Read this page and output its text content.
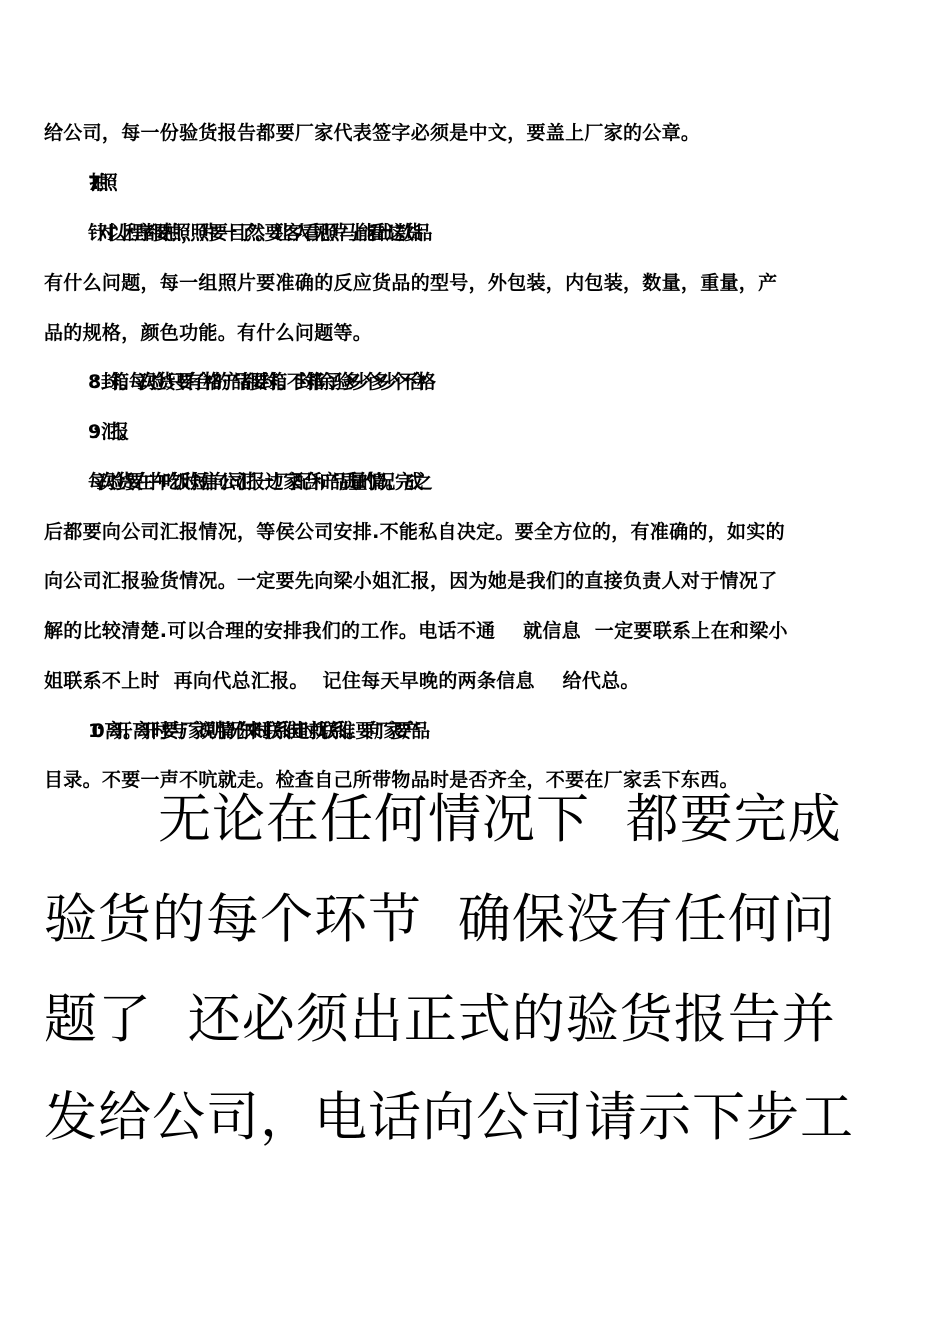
给公司，每一份验货报告都要厂家代表签字必须是中文，要盖上厂家的公章。
7:拍照
针对以上程序都要拍照，照片要一目了然。要让客人看见照片马上能看出这款货品
有什么问题，每一组照片要准确的反应货品的型号，外包装，内包装，数量，重量，产
品的规格，颜色功能。有什么问题等。
8：封箱。每次验货只要有合格的产品都要封箱。不封箱除了验多少个多少个不合格
9：汇报。
每次验货要在中午吃饭时短信向公司汇报一边厂家配合和产品质量的情况。完成之
后都要向公司汇报情况，等侯公司安排.不能私自决定。要全方位的，有准确的，如实的
向公司汇报验货情况。一定要先向梁小姐汇报，因为她是我们的直接负责人对于情况了
解的比较清楚.可以合理的安排我们的工作。电话不通    就信息  一定要联系上在和梁小
姐联系不上时  再向代总汇报。  记住每天早晚的两条信息    给代总。
10：离开。离开时要与厂家说明情况你来时联系谁走时就联系谁。要向厂家要产品
目录。不要一声不吭就走。检查自己所带物品时是否齐全，不要在厂家丢下东西。
无论在任何情况下  都要完成
验货的每个环节  确保没有任何问
题了  还必须出正式的验货报告并
发给公司，电话向公司请示下步工
